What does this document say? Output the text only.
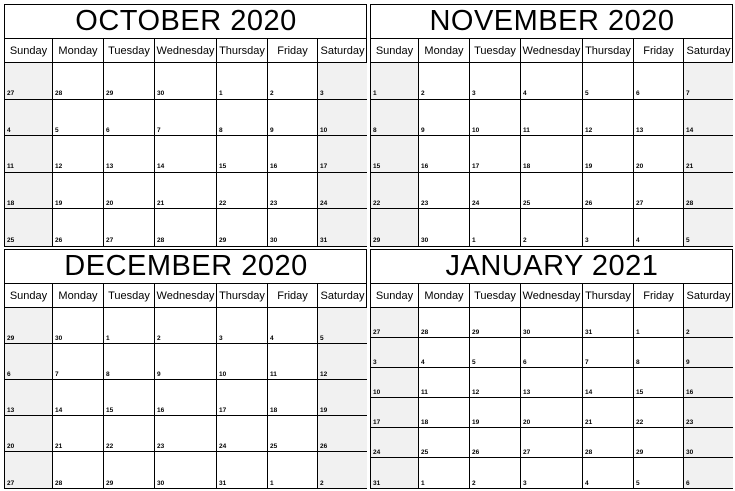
OCTOBER 2020
Sunday	Monday Tuesday Wednesday Thursday	Friday	Saturday
27	28	29	30	1	2	3
4	5	6	7	8	9	10
11	12	13	14	15	16	17
18	19	20	21	22	23	24
25	26	27	28	29	30	31
NOVEMBER 2020
Sunday	Monday Tuesday Wednesday Thursday	Friday	Saturday
1	2	3	4	5	6	7
8	9	10	11	12	13	14
15	16	17	18	19	20	21
22	23	24	25	26	27	28
29	30	1	2	3	4	5
DECEMBER 2020
Sunday	Monday Tuesday Wednesday Thursday	Friday	Saturday
29	30	1	2	3	4	5
6	7	8	9	10	11	12
13	14	15	16	17	18	19
20	21	22	23	24	25	26
27	28	29	30	31	1	2
JANUARY 2021
Sunday	Monday Tuesday Wednesday Thursday	Friday	Saturday
27	28	29	30	31	1	2
3	4	5	6	7	8	9
10	11	12	13	14	15	16
17	18	19	20	21	22	23
24	25	26	27	28	29	30
31	1	2	3	4	5	6
